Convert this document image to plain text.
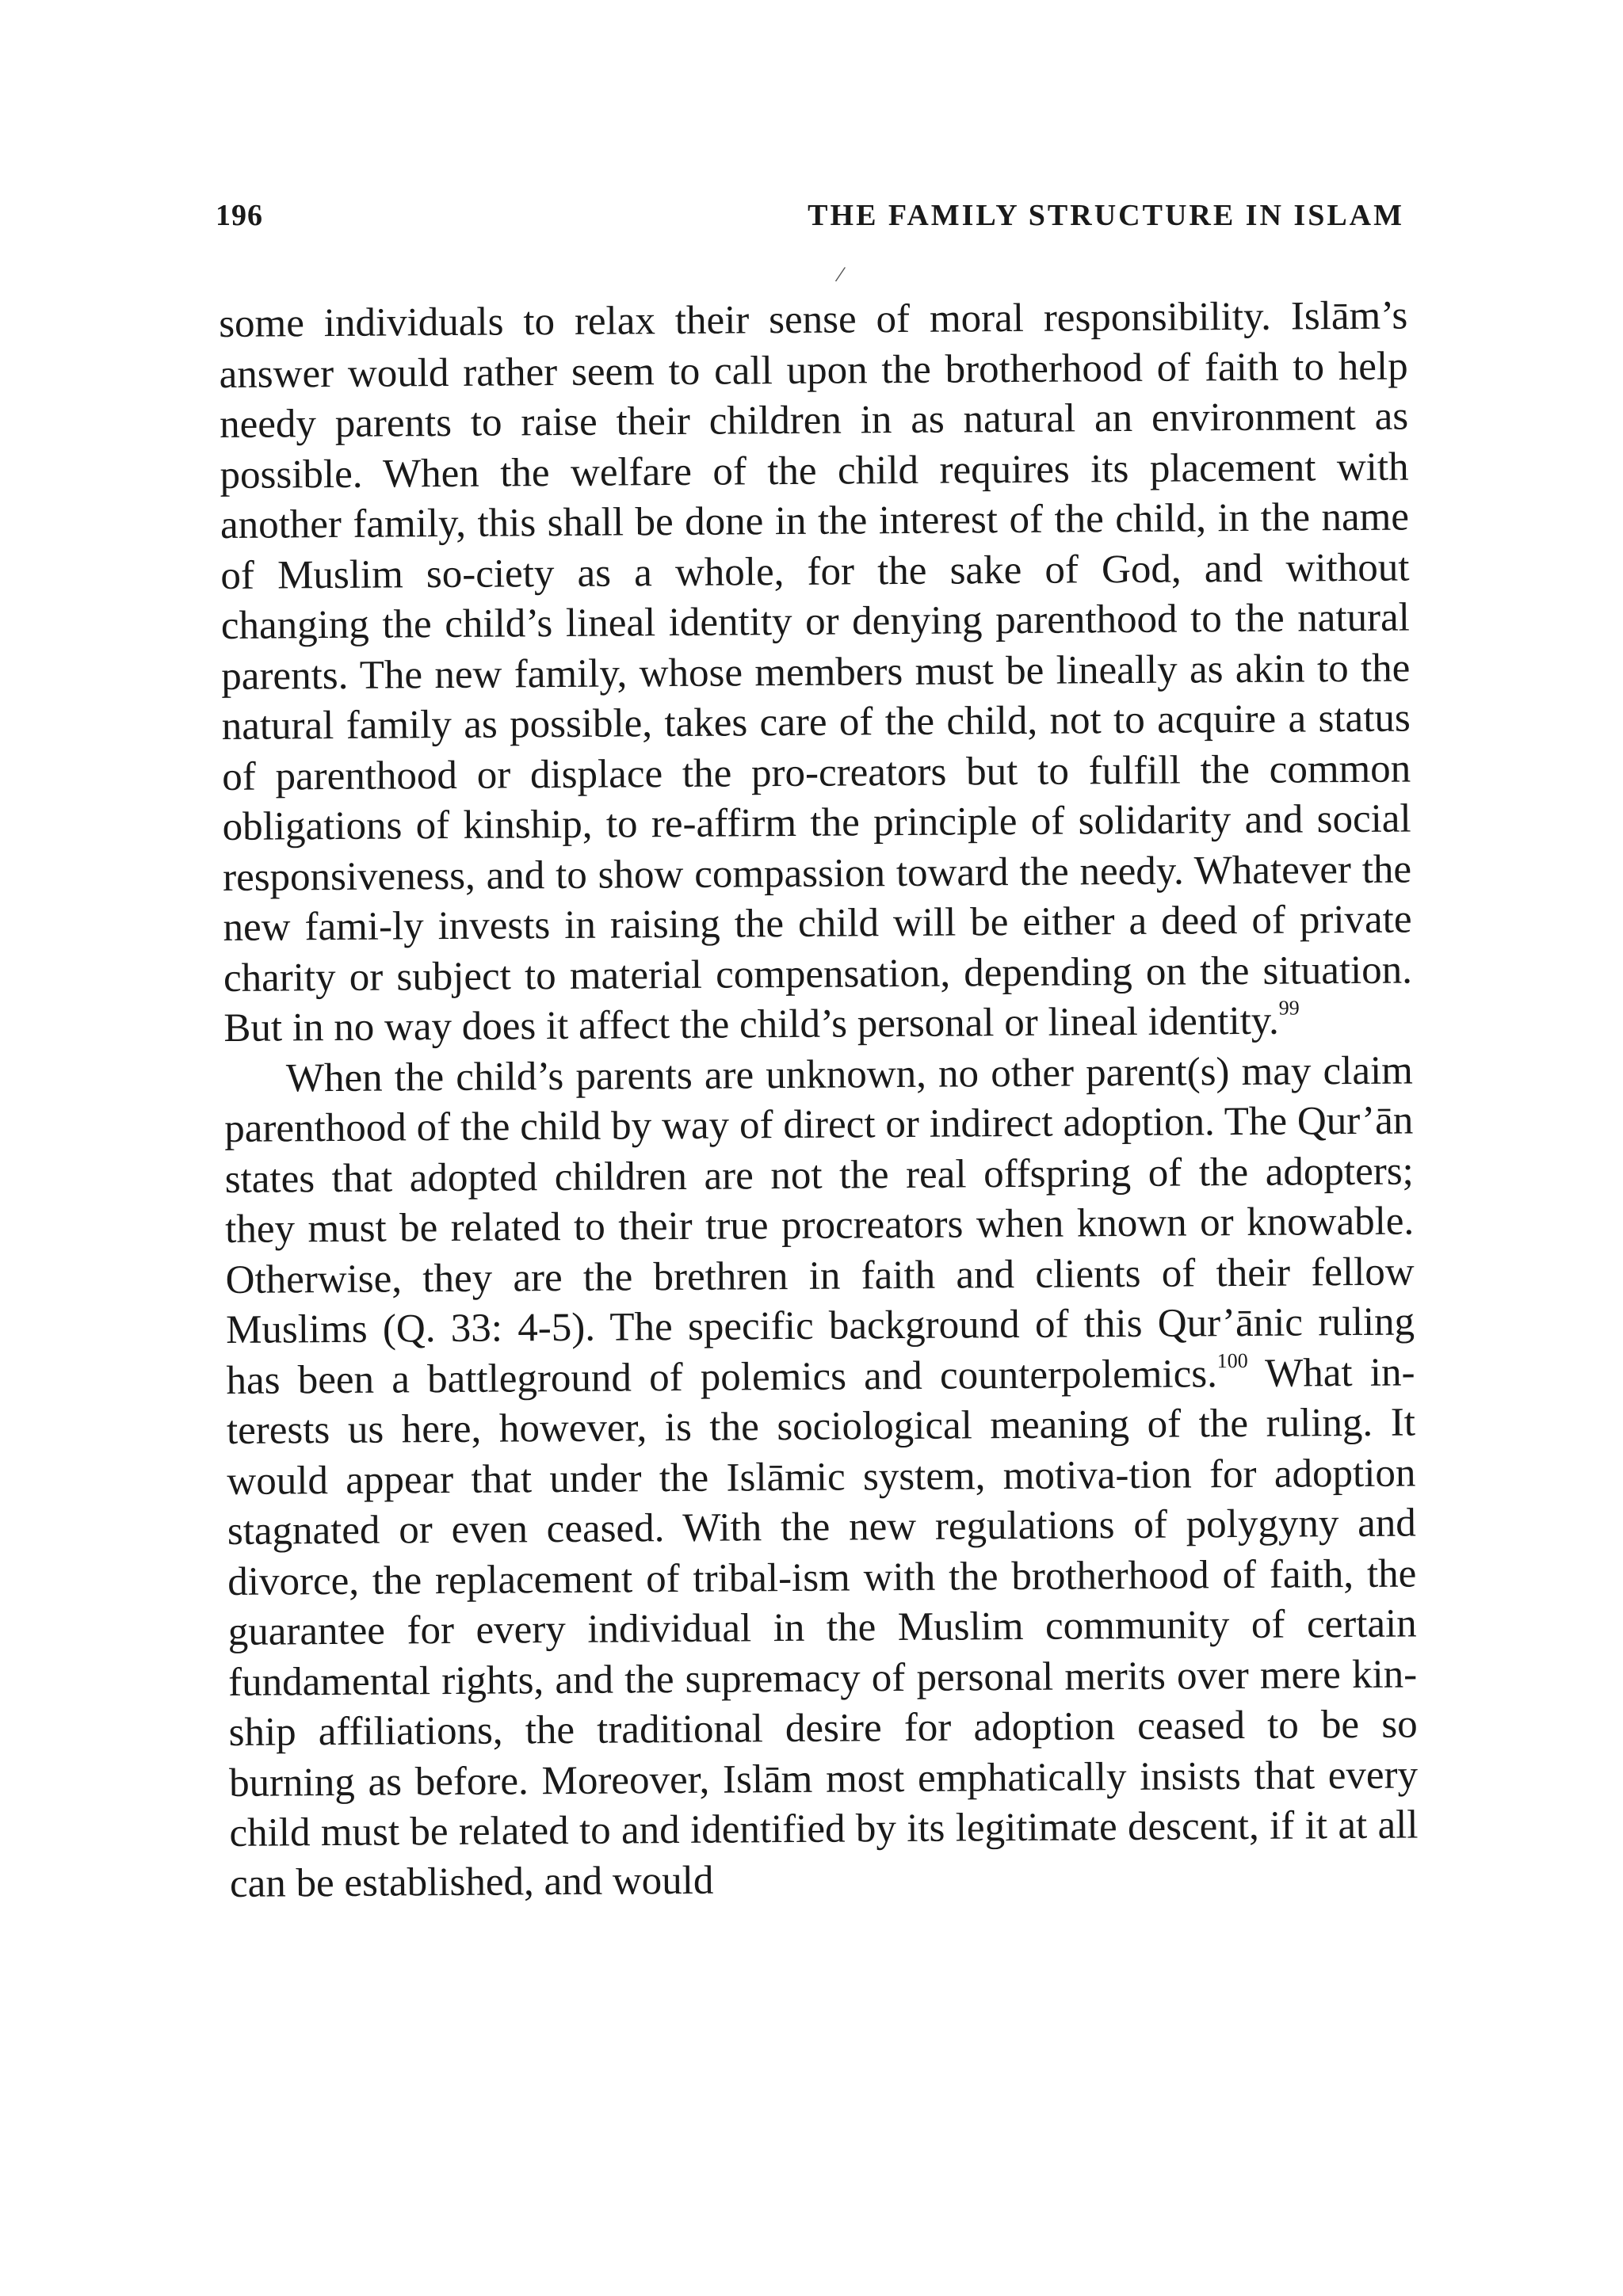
196	THE FAMILY STRUCTURE IN ISLAM
/

some individuals to relax their sense of moral responsibility. Islām’s answer would rather seem to call upon the brotherhood of faith to help needy parents to raise their children in as natural an environment as possible. When the welfare of the child requires its placement with another family, this shall be done in the interest of the child, in the name of Muslim so-ciety as a whole, for the sake of God, and without changing the child’s lineal identity or denying parenthood to the natural parents. The new family, whose members must be lineally as akin to the natural family as possible, takes care of the child, not to acquire a status of parenthood or displace the pro-creators but to fulfill the common obligations of kinship, to re-affirm the principle of solidarity and social responsiveness, and to show compassion toward the needy. Whatever the new fami-ly invests in raising the child will be either a deed of private charity or subject to material compensation, depending on the situation. But in no way does it affect the child’s personal or lineal identity.$^{99}$

When the child’s parents are unknown, no other parent(s) may claim parenthood of the child by way of direct or indirect adoption. The Qur’ān states that adopted children are not the real offspring of the adopters; they must be related to their true procreators when known or knowable. Otherwise, they are the brethren in faith and clients of their fellow Muslims (Q. 33: 4-5). The specific background of this Qur’ānic ruling has been a battleground of polemics and counterpolemics.$^{100}$ What in-terests us here, however, is the sociological meaning of the ruling. It would appear that under the Islāmic system, motiva-tion for adoption stagnated or even ceased. With the new regulations of polygyny and divorce, the replacement of tribal-ism with the brotherhood of faith, the guarantee for every individual in the Muslim community of certain fundamental rights, and the supremacy of personal merits over mere kin-ship affiliations, the traditional desire for adoption ceased to be so burning as before. Moreover, Islām most emphatically insists that every child must be related to and identified by its legitimate descent, if it at all can be established, and would
